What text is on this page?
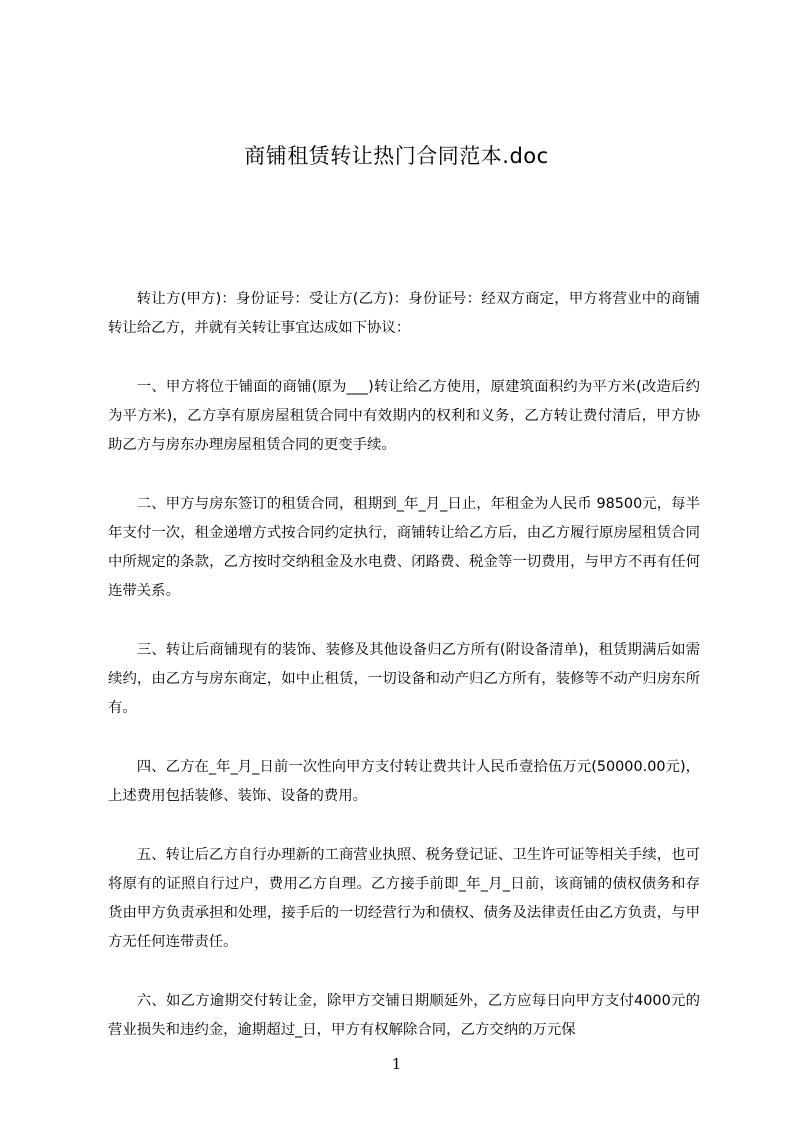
商铺租赁转让热门合同范本.doc

转让方(甲方)：身份证号：受让方(乙方)：身份证号：经双方商定，甲方将营业中的商铺转让给乙方，并就有关转让事宜达成如下协议：

一、甲方将位于铺面的商铺(原为___)转让给乙方使用，原建筑面积约为平方米(改造后约为平方米)，乙方享有原房屋租赁合同中有效期内的权利和义务，乙方转让费付清后，甲方协助乙方与房东办理房屋租赁合同的更变手续。

二、甲方与房东签订的租赁合同，租期到_年_月_日止，年租金为人民币 98500元，每半年支付一次，租金递增方式按合同约定执行，商铺转让给乙方后，由乙方履行原房屋租赁合同中所规定的条款，乙方按时交纳租金及水电费、闭路费、税金等一切费用，与甲方不再有任何连带关系。

三、转让后商铺现有的装饰、装修及其他设备归乙方所有(附设备清单)，租赁期满后如需续约，由乙方与房东商定，如中止租赁，一切设备和动产归乙方所有，装修等不动产归房东所有。

四、乙方在_年_月_日前一次性向甲方支付转让费共计人民币壹拾伍万元(50000.00元)，上述费用包括装修、装饰、设备的费用。

五、转让后乙方自行办理新的工商营业执照、税务登记证、卫生许可证等相关手续，也可将原有的证照自行过户，费用乙方自理。乙方接手前即_年_月_日前，该商铺的债权债务和存货由甲方负责承担和处理，接手后的一切经营行为和债权、债务及法律责任由乙方负责，与甲方无任何连带责任。

六、如乙方逾期交付转让金，除甲方交铺日期顺延外，乙方应每日向甲方支付4000元的营业损失和违约金，逾期超过_日，甲方有权解除合同，乙方交纳的万元保

1
